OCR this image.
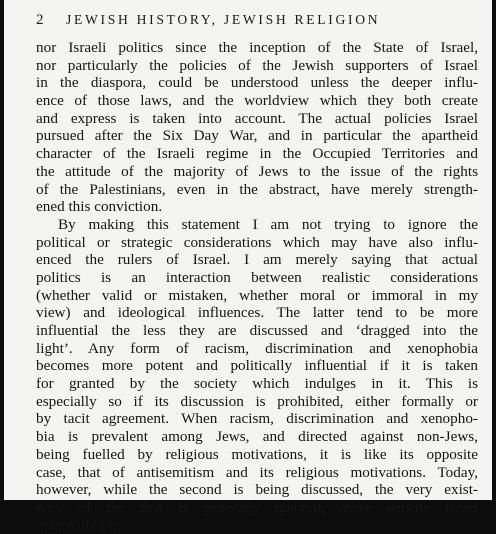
2 JEWISH HISTORY, JEWISH RELIGION
nor Israeli politics since the inception of the State of Israel,
nor particularly the policies of the Jewish supporters of Israel
in the diaspora, could be understood unless the deeper influ-
ence of those laws, and the worldview which they both create
and express is taken into account. The actual policies Israel
pursued after the Six Day War, and in particular the apartheid
character of the Israeli regime in the Occupied Territories and
the attitude of the majority of Jews to the issue of the rights
of the Palestinians, even in the abstract, have merely strength-
ened this conviction.
By making this statement I am not trying to ignore the
political or strategic considerations which may have also influ-
enced the rulers of Israel. I am merely saying that actual
politics is an interaction between realistic considerations
(whether valid or mistaken, whether moral or immoral in my
view) and ideological influences. The latter tend to be more
influential the less they are discussed and ‘dragged into the
light’. Any form of racism, discrimination and xenophobia
becomes more potent and politically influential if it is taken
for granted by the society which indulges in it. This is
especially so if its discussion is prohibited, either formally or
by tacit agreement. When racism, discrimination and xenopho-
bia is prevalent among Jews, and directed against non-Jews,
being fuelled by religious motivations, it is like its opposite
case, that of antisemitism and its religious motivations. Today,
however, while the second is being discussed, the very exist-
ence of the first is generally ignored, more outside Israel
than within it.
